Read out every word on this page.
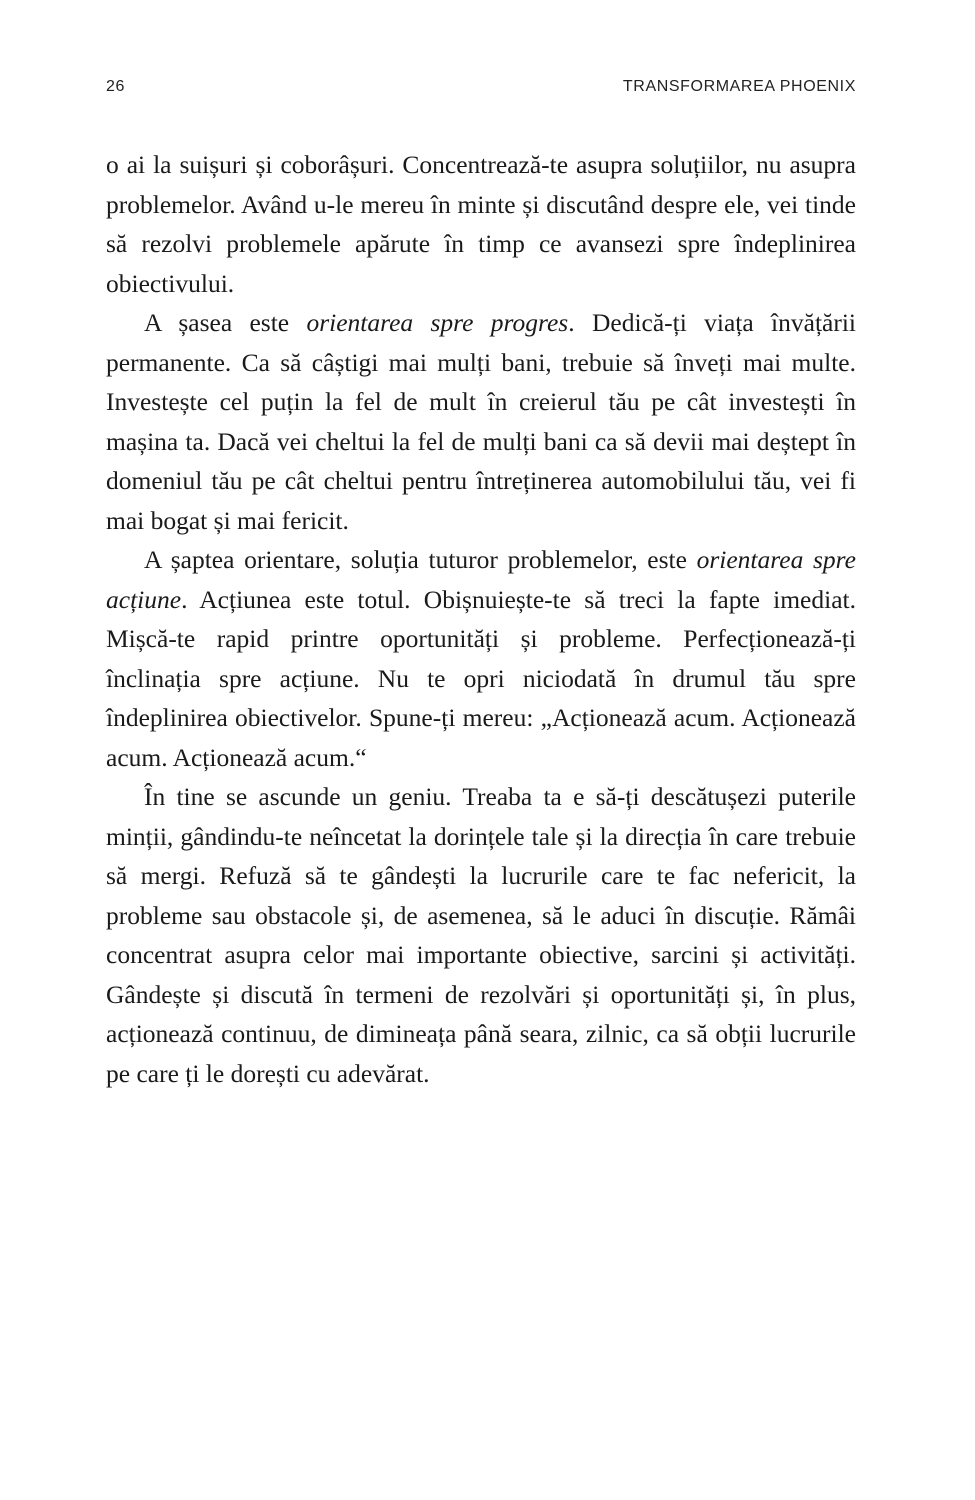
26	TRANSFORMAREA PHOENIX

o ai la suișuri și coborâșuri. Concentrează-te asupra soluțiilor, nu asupra problemelor. Având u-le mereu în minte și discutând despre ele, vei tinde să rezolvi problemele apărute în timp ce avansezi spre îndeplinirea obiectivului.

A șasea este orientarea spre progres. Dedică-ți viața învățării permanente. Ca să câștigi mai mulți bani, trebuie să înveți mai multe. Investește cel puțin la fel de mult în creierul tău pe cât investești în mașina ta. Dacă vei cheltui la fel de mulți bani ca să devii mai deștept în domeniul tău pe cât cheltui pentru întreținerea automobilului tău, vei fi mai bogat și mai fericit.

A șaptea orientare, soluția tuturor problemelor, este orientarea spre acțiune. Acțiunea este totul. Obișnuiește-te să treci la fapte imediat. Mișcă-te rapid printre oportunități și probleme. Perfecționează-ți înclinația spre acțiune. Nu te opri niciodată în drumul tău spre îndeplinirea obiectivelor. Spune-ți mereu: „Acționează acum. Acționează acum. Acționează acum.“

În tine se ascunde un geniu. Treaba ta e să-ți descătușezi puterile minții, gândindu-te neîncetat la dorințele tale și la direcția în care trebuie să mergi. Refuză să te gândești la lucrurile care te fac nefericit, la probleme sau obstacole și, de asemenea, să le aduci în discuție. Rămâi concentrat asupra celor mai importante obiective, sarcini și activități. Gândește și discută în termeni de rezolvări și oportunități și, în plus, acționează continuu, de dimineața până seara, zilnic, ca să obții lucrurile pe care ți le dorești cu adevărat.
